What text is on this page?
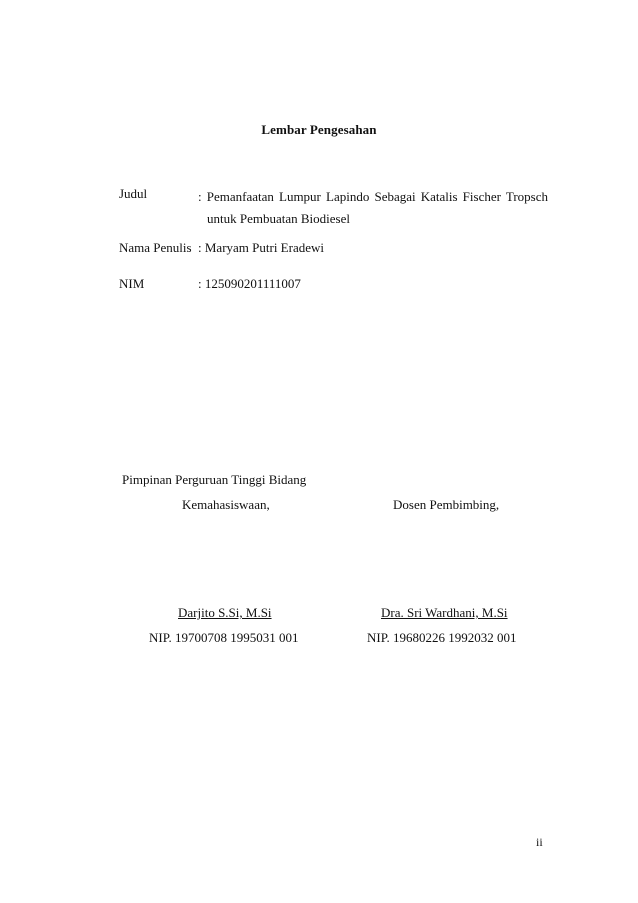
Lembar Pengesahan
Judul	: Pemanfaatan Lumpur Lapindo Sebagai Katalis Fischer Tropsch
untuk Pembuatan Biodiesel
Nama Penulis : Maryam Putri Eradewi
NIM	: 125090201111007
Pimpinan Perguruan Tinggi Bidang
Kemahasiswaan,	Dosen Pembimbing,
Darjito S.Si, M.Si
NIP. 19700708 1995031 001
Dra. Sri Wardhani, M.Si
NIP. 19680226 1992032 001
ii
